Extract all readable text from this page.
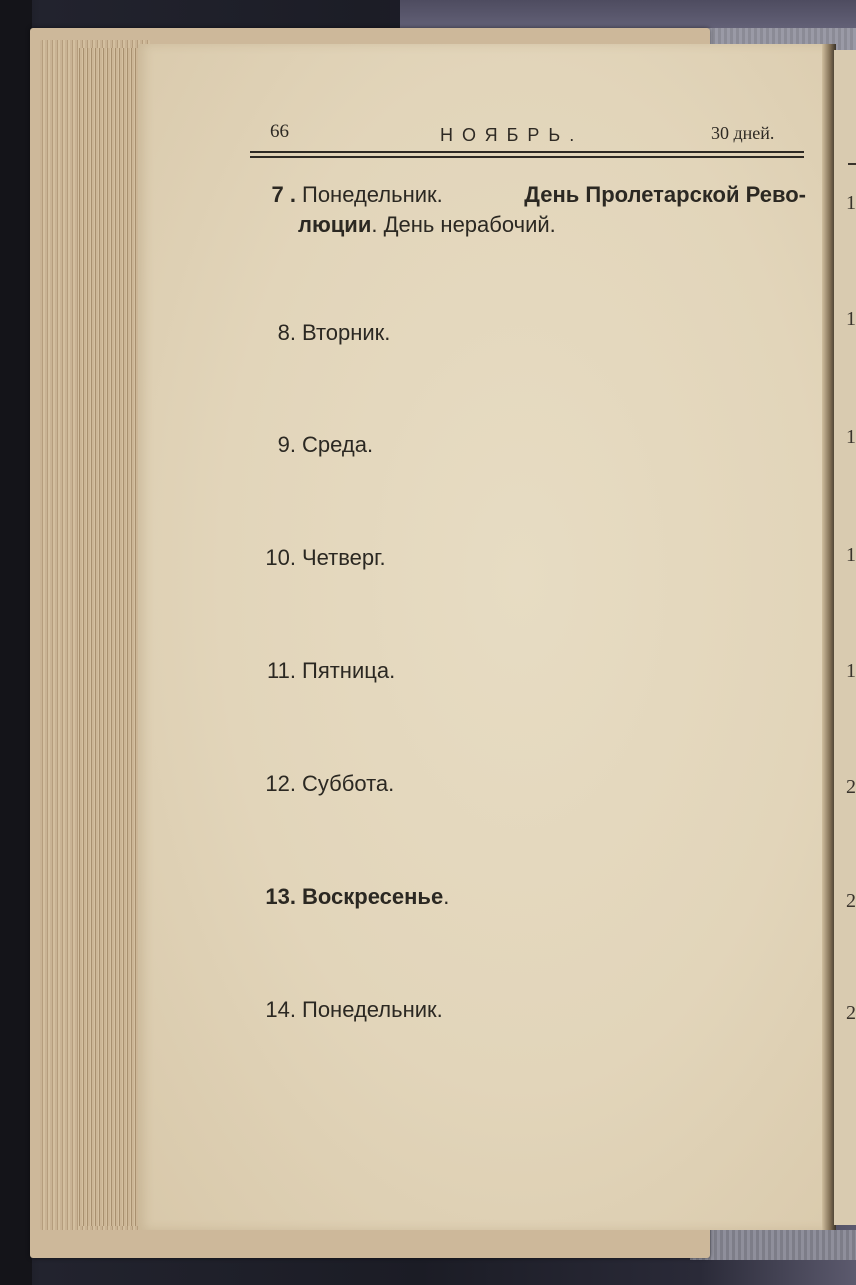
1
1
1
1
1
2
2
2
66	НОЯБРЬ.	30 дней.
7 . Понедельник.	День Пролетарской Рево-
люции. День нерабочий.
8. Вторник.
9. Среда.
10. Четверг.
11. Пятница.
12. Суббота.
13. Воскресенье.
14. Понедельник.
